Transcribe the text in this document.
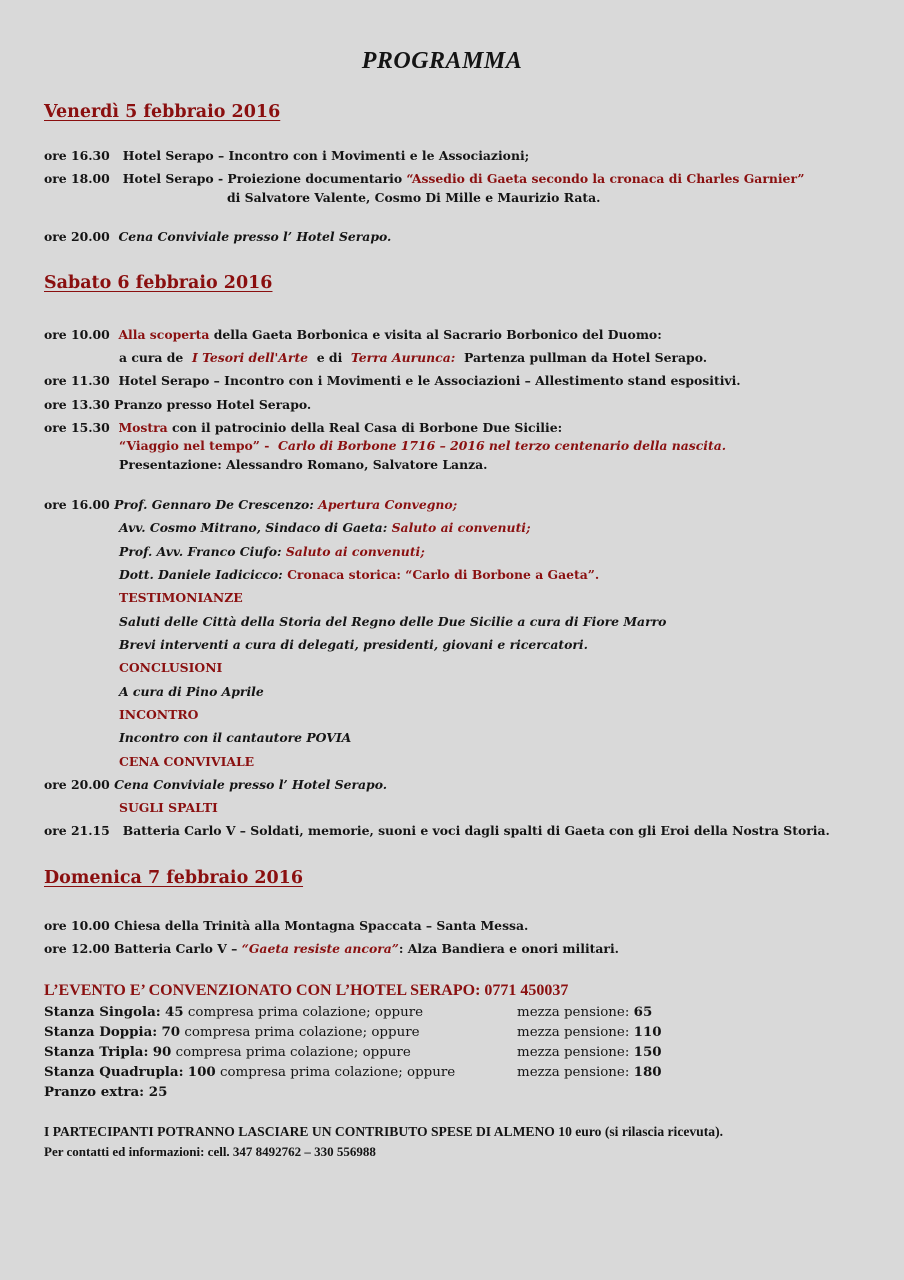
PROGRAMMA
Venerdì 5 febbraio 2016
ore 16.30 Hotel Serapo – Incontro con i Movimenti e le Associazioni;
ore 18.00 Hotel Serapo - Proiezione documentario “Assedio di Gaeta secondo la cronaca di Charles Garnier”
di Salvatore Valente, Cosmo Di Mille e Maurizio Rata.
ore 20.00 Cena Conviviale presso l’ Hotel Serapo.
Sabato 6 febbraio 2016
ore 10.00 Alla scoperta della Gaeta Borbonica e visita al Sacrario Borbonico del Duomo:
a cura de I Tesori dell'Arte e di Terra Aurunca: Partenza pullman da Hotel Serapo.
ore 11.30 Hotel Serapo – Incontro con i Movimenti e le Associazioni – Allestimento stand espositivi.
ore 13.30 Pranzo presso Hotel Serapo.
ore 15.30 Mostra con il patrocinio della Real Casa di Borbone Due Sicilie:
“Viaggio nel tempo” - Carlo di Borbone 1716 – 2016 nel terzo centenario della nascita.
Presentazione: Alessandro Romano, Salvatore Lanza.
ore 16.00 Prof. Gennaro De Crescenzo: Apertura Convegno;
Avv. Cosmo Mitrano, Sindaco di Gaeta: Saluto ai convenuti;
Prof. Avv. Franco Ciufo: Saluto ai convenuti;
Dott. Daniele Iadicicco: Cronaca storica: “Carlo di Borbone a Gaeta”.
TESTIMONIANZE
Saluti delle Città della Storia del Regno delle Due Sicilie a cura di Fiore Marro
Brevi interventi a cura di delegati, presidenti, giovani e ricercatori.
CONCLUSIONI
A cura di Pino Aprile
INCONTRO
Incontro con il cantautore POVIA
CENA CONVIVIALE
ore 20.00 Cena Conviviale presso l’ Hotel Serapo.
SUGLI SPALTI
ore 21.15 Batteria Carlo V – Soldati, memorie, suoni e voci dagli spalti di Gaeta con gli Eroi della Nostra Storia.
Domenica 7 febbraio 2016
ore 10.00 Chiesa della Trinità alla Montagna Spaccata – Santa Messa.
ore 12.00 Batteria Carlo V – “Gaeta resiste ancora”: Alza Bandiera e onori militari.
L’EVENTO E’ CONVENZIONATO CON L’HOTEL SERAPO: 0771 450037
Stanza Singola: 45 compresa prima colazione; oppure	mezza pensione: 65
Stanza Doppia: 70 compresa prima colazione; oppure	mezza pensione: 110
Stanza Tripla: 90 compresa prima colazione; oppure	mezza pensione: 150
Stanza Quadrupla: 100 compresa prima colazione; oppure	mezza pensione: 180
Pranzo extra: 25
I PARTECIPANTI POTRANNO LASCIARE UN CONTRIBUTO SPESE DI ALMENO 10 euro (si rilascia ricevuta).
Per contatti ed informazioni: cell. 347 8492762 – 330 556988
